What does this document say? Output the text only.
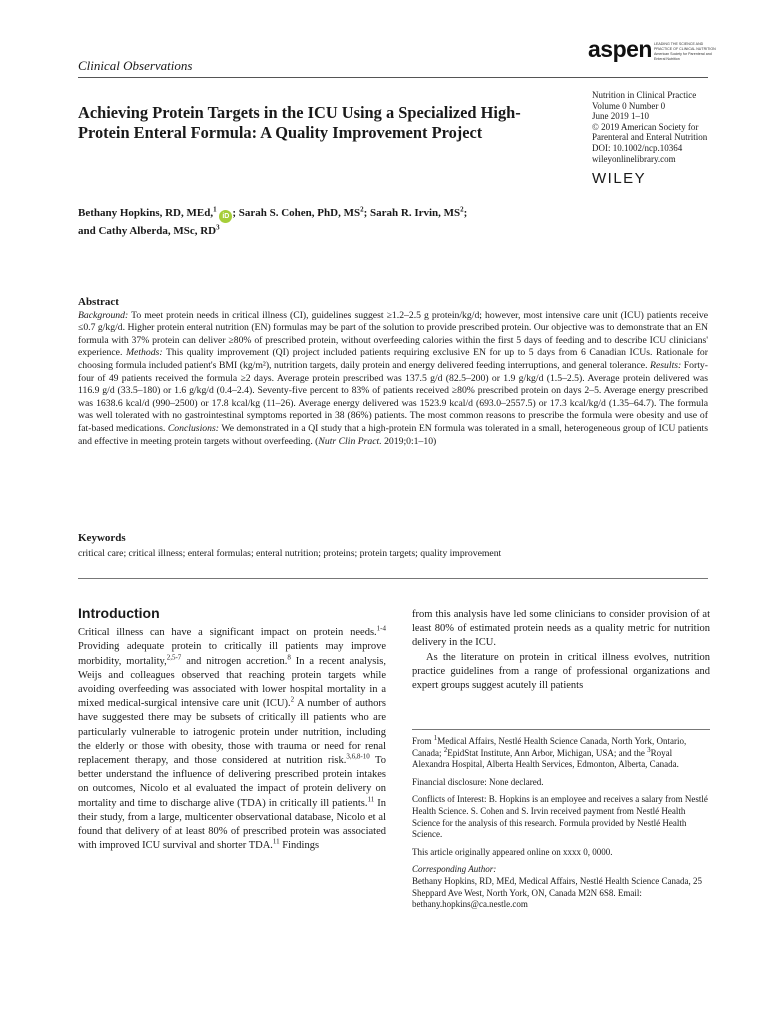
Clinical Observations
aspen LEADING THE SCIENCE AND PRACTICE OF CLINICAL NUTRITION American Society for Parenteral and Enteral Nutrition
Nutrition in Clinical Practice
Volume 0 Number 0
June 2019 1–10
© 2019 American Society for
Parenteral and Enteral Nutrition
DOI: 10.1002/ncp.10364
wileyonlinelibrary.com
WILEY
Achieving Protein Targets in the ICU Using a Specialized High-Protein Enteral Formula: A Quality Improvement Project
Bethany Hopkins, RD, MEd,$^1$ iD ; Sarah S. Cohen, PhD, $MS^2$; Sarah R. Irvin, $MS^2$;
and Cathy Alberda, MSc, $RD^3$
Abstract

Background: To meet protein needs in critical illness (CI), guidelines suggest ≥1.2–2.5 g protein/kg/d; however, most intensive care unit (ICU) patients receive ≤0.7 g/kg/d. Higher protein enteral nutrition (EN) formulas may be part of the solution to provide prescribed protein. Our objective was to demonstrate that an EN formula with 37% protein can deliver ≥80% of prescribed protein, without overfeeding calories within the first 5 days of feeding and to describe ICU clinicians' experience. Methods: This quality improvement (QI) project included patients requiring exclusive EN for up to 5 days from 6 Canadian ICUs. Rationale for choosing formula included patient's BMI (kg/m²), nutrition targets, daily protein and energy delivered feeding interruptions, and general tolerance. Results: Forty-four of 49 patients received the formula ≥2 days. Average protein prescribed was 137.5 g/d (82.5–200) or 1.9 g/kg/d (1.5–2.5). Average protein delivered was 116.9 g/d (33.5–180) or 1.6 g/kg/d (0.4–2.4). Seventy-five percent to 83% of patients received ≥80% prescribed protein on days 2–5. Average energy prescribed was 1638.6 kcal/d (990–2500) or 17.8 kcal/kg (11–26). Average energy delivered was 1523.9 kcal/d (693.0–2557.5) or 17.3 kcal/kg/d (1.35–64.7). The formula was well tolerated with no gastrointestinal symptoms reported in 38 (86%) patients. The most common reasons to prescribe the formula were obesity and use of fat-based medications. Conclusions: We demonstrated in a QI study that a high-protein EN formula was tolerated in a small, heterogeneous group of ICU patients and effective in meeting protein targets without overfeeding. (Nutr Clin Pract. 2019;0:1–10)

Keywords
critical care; critical illness; enteral formulas; enteral nutrition; proteins; protein targets; quality improvement
Introduction

Critical illness can have a significant impact on protein needs.$^{1-4}$ Providing adequate protein to critically ill patients may improve morbidity, mortality,$^{2,5-7}$ and nitrogen accretion.$^8$ In a recent analysis, Weijs and colleagues observed that reaching protein targets while avoiding overfeeding was associated with lower hospital mortality in a mixed medical-surgical intensive care unit (ICU).$^2$ A number of authors have suggested there may be subsets of critically ill patients who are particularly vulnerable to iatrogenic protein under nutrition, including the elderly or those with obesity, those with trauma or need for renal replacement therapy, and those considered at nutrition risk.$^{3,6,8-10}$ To better understand the influence of delivering prescribed protein intakes on outcomes, Nicolo et al evaluated the impact of protein delivery on mortality and time to discharge alive (TDA) in critically ill patients.$^{11}$ In their study, from a large, multicenter observational database, Nicolo et al found that delivery of at least 80% of prescribed protein was associated with improved ICU survival and shorter TDA.$^{11}$ Findings

from this analysis have led some clinicians to consider provision of at least 80% of estimated protein needs as a quality metric for nutrition delivery in the ICU.

As the literature on protein in critical illness evolves, nutrition practice guidelines from a range of professional organizations and expert groups suggest acutely ill patients

From $^1$Medical Affairs, Nestlé Health Science Canada, North York, Ontario, Canada; $^2$EpidStat Institute, Ann Arbor, Michigan, USA; and the $^3$Royal Alexandra Hospital, Alberta Health Services, Edmonton, Alberta, Canada.

Financial disclosure: None declared.

Conflicts of Interest: B. Hopkins is an employee and receives a salary from Nestlé Health Science. S. Cohen and S. Irvin received payment from Nestlé Health Science for the analysis of this research. Formula provided by Nestlé Health Science.

This article originally appeared online on xxxx 0, 0000.

Corresponding Author:
Bethany Hopkins, RD, MEd, Medical Affairs, Nestlé Health Science Canada, 25 Sheppard Ave West, North York, ON, Canada M2N 6S8. Email: bethany.hopkins@ca.nestle.com
